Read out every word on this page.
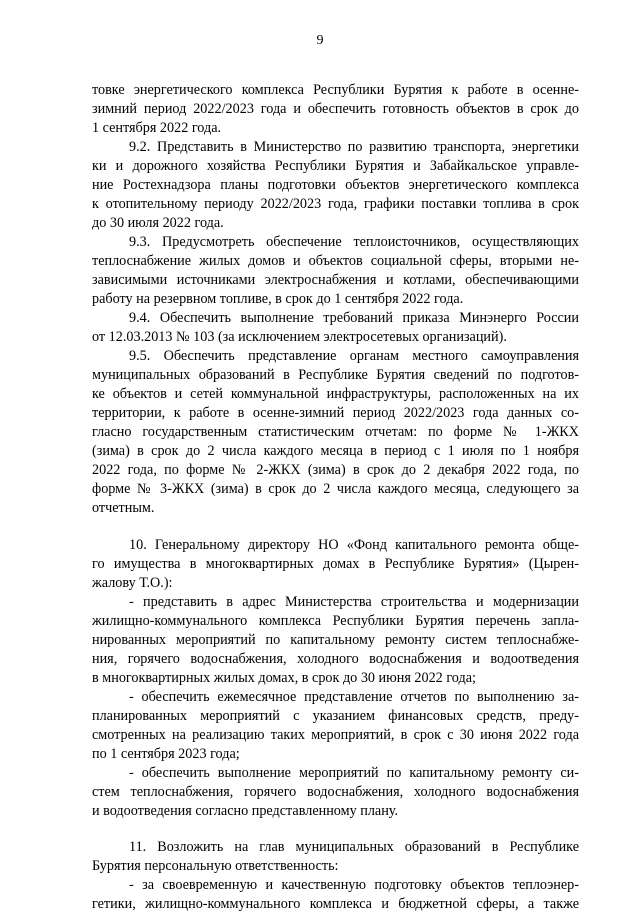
9
товке энергетического комплекса Республики Бурятия к работе в осенне-
зимний период 2022/2023 года и обеспечить готовность объектов в срок до
1 сентября 2022 года.
9.2. Представить в Министерство по развитию транспорта, энергетики
ки и дорожного хозяйства Республики Бурятия и Забайкальское управле-
ние Ростехнадзора планы подготовки объектов энергетического комплекса
к отопительному периоду 2022/2023 года, графики поставки топлива в срок
до 30 июля 2022 года.
9.3. Предусмотреть обеспечение теплоисточников, осуществляющих
теплоснабжение жилых домов и объектов социальной сферы, вторыми не-
зависимыми источниками электроснабжения и котлами, обеспечивающими
работу на резервном топливе, в срок до 1 сентября 2022 года.
9.4. Обеспечить выполнение требований приказа Минэнерго России
от 12.03.2013 № 103 (за исключением электросетевых организаций).
9.5. Обеспечить представление органам местного самоуправления
муниципальных образований в Республике Бурятия сведений по подготов-
ке объектов и сетей коммунальной инфраструктуры, расположенных на их
территории, к работе в осенне-зимний период 2022/2023 года данных со-
гласно государственным статистическим отчетам: по форме № 1-ЖКХ
(зима) в срок до 2 числа каждого месяца в период с 1 июля по 1 ноября
2022 года, по форме № 2-ЖКХ (зима) в срок до 2 декабря 2022 года, по
форме № 3-ЖКХ (зима) в срок до 2 числа каждого месяца, следующего за
отчетным.
10. Генеральному директору НО «Фонд капитального ремонта обще-
го имущества в многоквартирных домах в Республике Бурятия» (Цырен-
жалову Т.О.):
- представить в адрес Министерства строительства и модернизации
жилищно-коммунального комплекса Республики Бурятия перечень запла-
нированных мероприятий по капитальному ремонту систем теплоснабже-
ния, горячего водоснабжения, холодного водоснабжения и водоотведения
в многоквартирных жилых домах, в срок до 30 июня 2022 года;
- обеспечить ежемесячное представление отчетов по выполнению за-
планированных мероприятий с указанием финансовых средств, преду-
смотренных на реализацию таких мероприятий, в срок с 30 июня 2022 года
по 1 сентября 2023 года;
- обеспечить выполнение мероприятий по капитальному ремонту си-
стем теплоснабжения, горячего водоснабжения, холодного водоснабжения
и водоотведения согласно представленному плану.
11. Возложить на глав муниципальных образований в Республике
Бурятия персональную ответственность:
- за своевременную и качественную подготовку объектов теплоэнер-
гетики, жилищно-коммунального комплекса и бюджетной сферы, а также
